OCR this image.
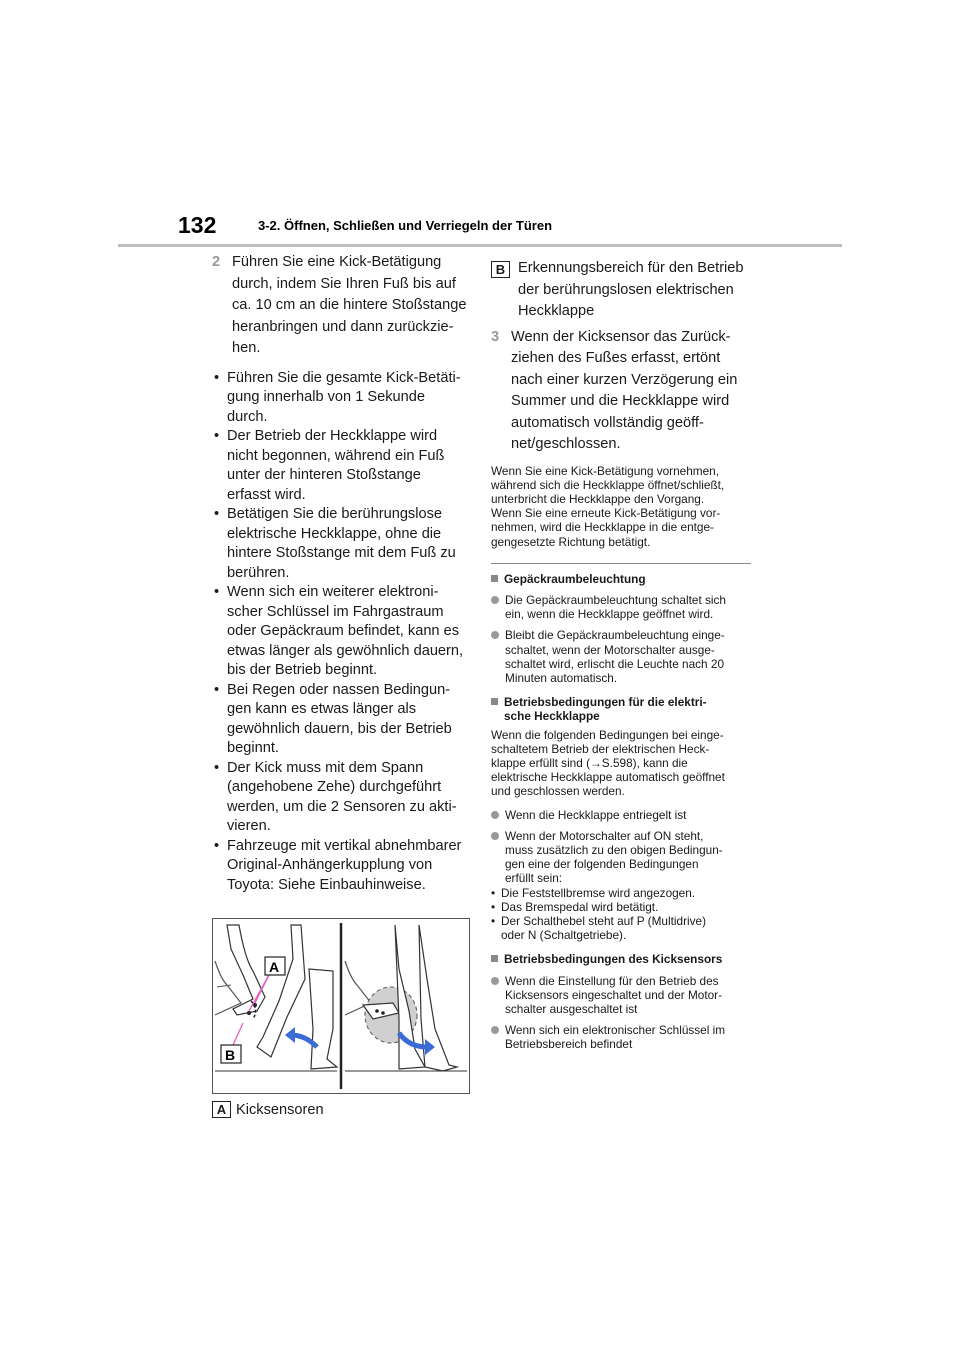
132	3-2. Öffnen, Schließen und Verriegeln der Türen
2 Führen Sie eine Kick-Betätigung
durch, indem Sie Ihren Fuß bis auf
ca. 10 cm an die hintere Stoßstange
heranbringen und dann zurückzie-
hen.
• Führen Sie die gesamte Kick-Betäti-
gung innerhalb von 1 Sekunde
durch.
• Der Betrieb der Heckklappe wird
nicht begonnen, während ein Fuß
unter der hinteren Stoßstange
erfasst wird.
• Betätigen Sie die berührungslose
elektrische Heckklappe, ohne die
hintere Stoßstange mit dem Fuß zu
berühren.
• Wenn sich ein weiterer elektroni-
scher Schlüssel im Fahrgastraum
oder Gepäckraum befindet, kann es
etwas länger als gewöhnlich dauern,
bis der Betrieb beginnt.
• Bei Regen oder nassen Bedingun-
gen kann es etwas länger als
gewöhnlich dauern, bis der Betrieb
beginnt.
• Der Kick muss mit dem Spann
(angehobene Zehe) durchgeführt
werden, um die 2 Sensoren zu akti-
vieren.
• Fahrzeuge mit vertikal abnehmbarer
Original-Anhängerkupplung von
Toyota: Siehe Einbauhinweise.
A
B
A Kicksensoren
B Erkennungsbereich für den Betrieb
der berührungslosen elektrischen
Heckklappe
3 Wenn der Kicksensor das Zurück-
ziehen des Fußes erfasst, ertönt
nach einer kurzen Verzögerung ein
Summer und die Heckklappe wird
automatisch vollständig geöff-
net/geschlossen.
Wenn Sie eine Kick-Betätigung vornehmen,
während sich die Heckklappe öffnet/schließt,
unterbricht die Heckklappe den Vorgang.
Wenn Sie eine erneute Kick-Betätigung vor-
nehmen, wird die Heckklappe in die entge-
gengesetzte Richtung betätigt.
Gepäckraumbeleuchtung
Die Gepäckraumbeleuchtung schaltet sich
ein, wenn die Heckklappe geöffnet wird.
Bleibt die Gepäckraumbeleuchtung einge-
schaltet, wenn der Motorschalter ausge-
schaltet wird, erlischt die Leuchte nach 20
Minuten automatisch.
Betriebsbedingungen für die elektri-
sche Heckklappe
Wenn die folgenden Bedingungen bei einge-
schaltetem Betrieb der elektrischen Heck-
klappe erfüllt sind (→S.598), kann die
elektrische Heckklappe automatisch geöffnet
und geschlossen werden.
Wenn die Heckklappe entriegelt ist
Wenn der Motorschalter auf ON steht,
muss zusätzlich zu den obigen Bedingun-
gen eine der folgenden Bedingungen
erfüllt sein:
• Die Feststellbremse wird angezogen.
• Das Bremspedal wird betätigt.
• Der Schalthebel steht auf P (Multidrive)
oder N (Schaltgetriebe).
Betriebsbedingungen des Kicksensors
Wenn die Einstellung für den Betrieb des
Kicksensors eingeschaltet und der Motor-
schalter ausgeschaltet ist
Wenn sich ein elektronischer Schlüssel im
Betriebsbereich befindet
